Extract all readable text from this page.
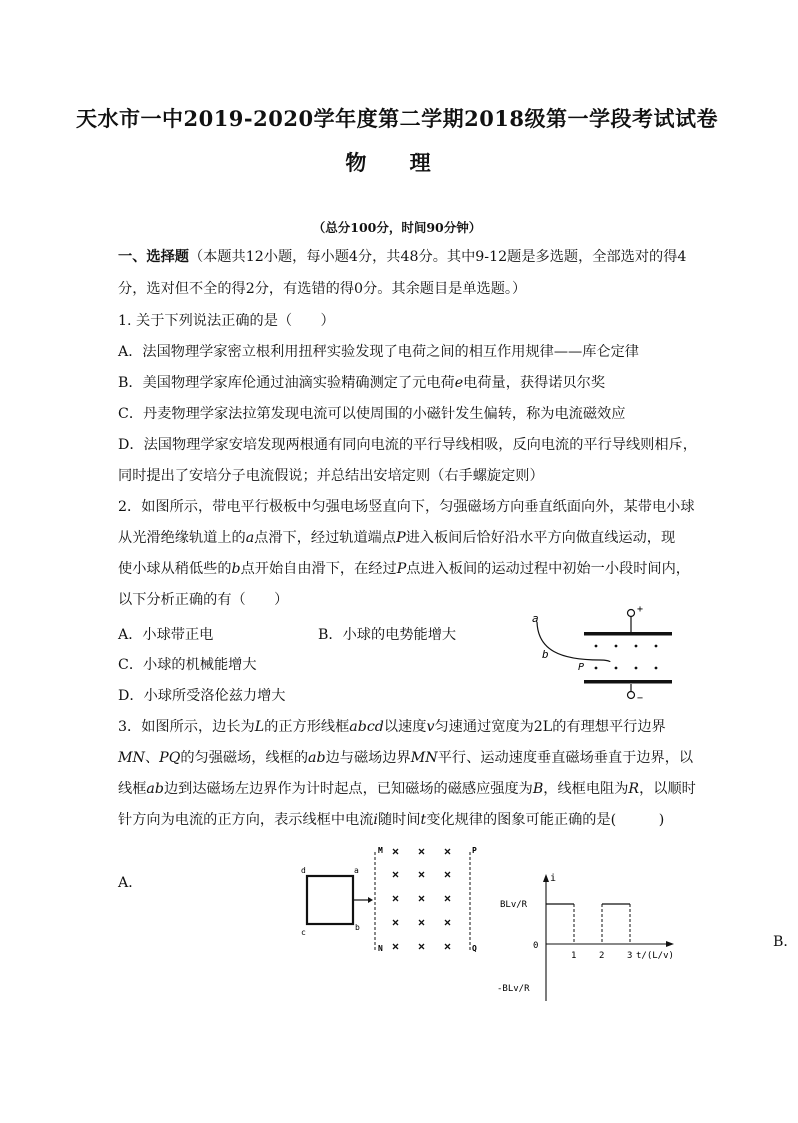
天水市一中2019-2020学年度第二学期2018级第一学段考试试卷
物 理
（总分100分，时间90分钟）
一、选择题（本题共12小题，每小题4分，共48分。其中9-12题是多选题，全部选对的得4
分，选对但不全的得2分，有选错的得0分。其余题目是单选题。）
1. 关于下列说法正确的是（　　）
A．法国物理学家密立根利用扭秤实验发现了电荷之间的相互作用规律——库仑定律
B．美国物理学家库伦通过油滴实验精确测定了元电荷e电荷量，获得诺贝尔奖
C．丹麦物理学家法拉第发现电流可以使周围的小磁针发生偏转，称为电流磁效应
D．法国物理学家安培发现两根通有同向电流的平行导线相吸，反向电流的平行导线则相斥，
同时提出了安培分子电流假说；并总结出安培定则（右手螺旋定则）
2．如图所示，带电平行极板中匀强电场竖直向下，匀强磁场方向垂直纸面向外，某带电小球
从光滑绝缘轨道上的a点滑下，经过轨道端点P进入板间后恰好沿水平方向做直线运动，现
使小球从稍低些的b点开始自由滑下，在经过P点进入板间的运动过程中初始一小段时间内，
以下分析正确的有（　　）
A．小球带正电	B．小球的电势能增大
C．小球的机械能增大
D．小球所受洛伦兹力增大
+
−
a
b
P
3．如图所示，边长为L的正方形线框abcd以速度v匀速通过宽度为2L的有理想平行边界
MN、PQ的匀强磁场，线框的ab边与磁场边界MN平行、运动速度垂直磁场垂直于边界，以
线框ab边到达磁场左边界作为计时起点，已知磁场的磁感应强度为B，线框电阻为R，以顺时
针方向为电流的正方向，表示线框中电流i随时间t变化规律的图象可能正确的是(　　　)
A．
B．
d	a
c
b
M
N
P
Q
i
BLv/R
0
-BLv/R
1	2	3 t/(L/v)
